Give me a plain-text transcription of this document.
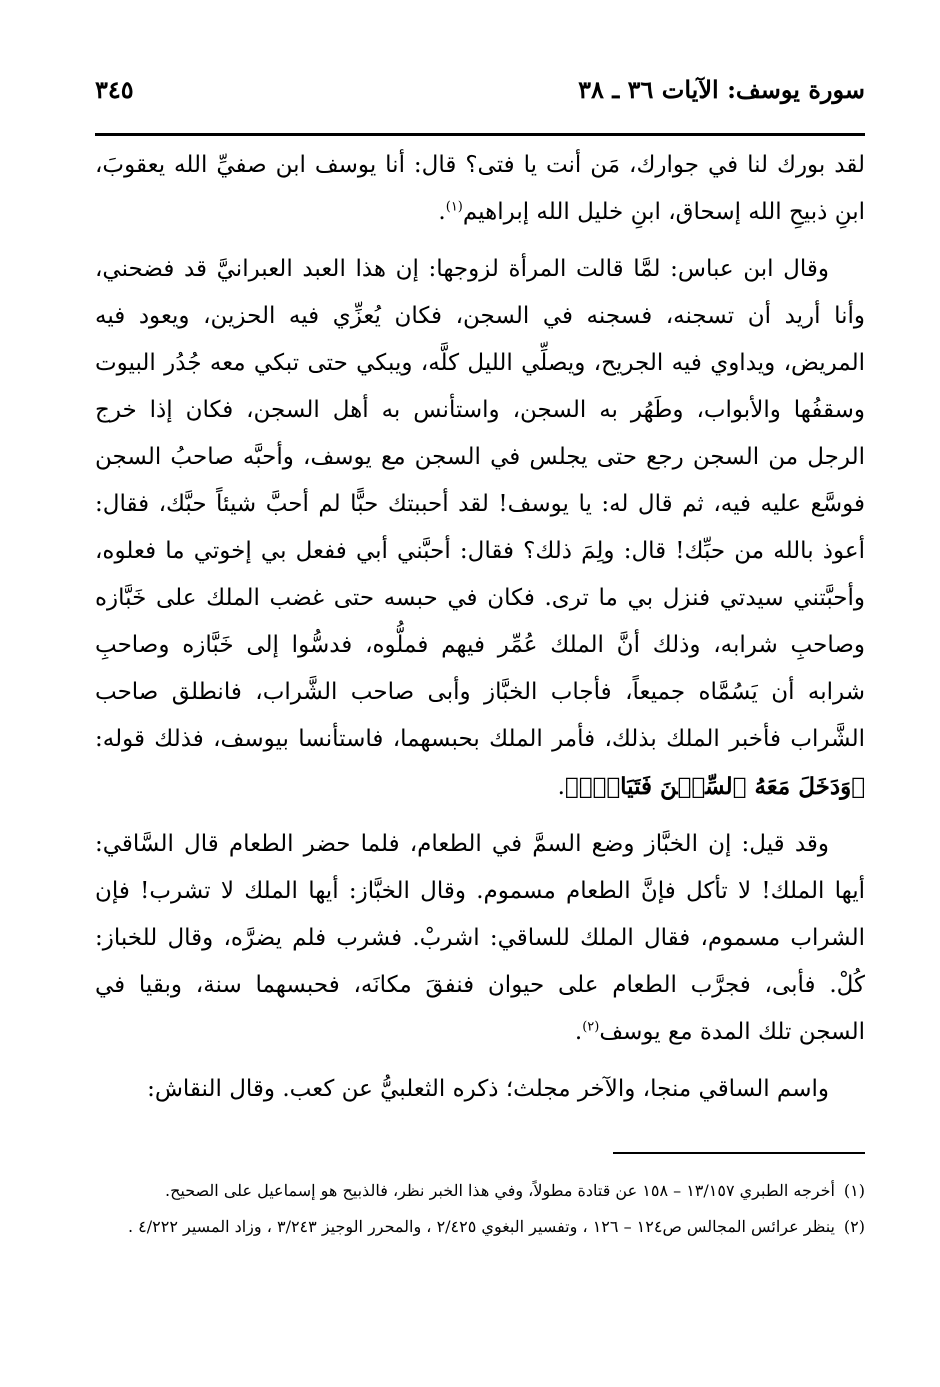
سورة يوسف: الآيات ٣٦ ـ ٣٨
٣٤٥

لقد بورك لنا في جوارك، مَن أنت يا فتى؟ قال: أنا يوسف ابن صفيِّ الله يعقوبَ، ابنِ ذبيحِ الله إسحاق، ابنِ خليل الله إبراهيم$^{(١)}$.

وقال ابن عباس: لمَّا قالت المرأة لزوجها: إن هذا العبد العبرانيَّ قد فضحني، وأنا أريد أن تسجنه، فسجنه في السجن، فكان يُعزِّي فيه الحزين، ويعود فيه المريض، ويداوي فيه الجريح، ويصلِّي الليل كلَّه، ويبكي حتى تبكي معه جُدُر البيوت وسقفُها والأبواب، وطَهُر به السجن، واستأنس به أهل السجن، فكان إذا خرج الرجل من السجن رجع حتى يجلس في السجن مع يوسف، وأحبَّه صاحبُ السجن فوسَّع عليه فيه، ثم قال له: يا يوسف! لقد أحببتك حبًّا لم أحبَّ شيئاً حبَّك، فقال: أعوذ بالله من حبِّك! قال: ولِمَ ذلك؟ فقال: أحبَّني أبي ففعل بي إخوتي ما فعلوه، وأحبَّتني سيدتي فنزل بي ما ترى. فكان في حبسه حتى غضب الملك على خَبَّازه وصاحبِ شرابه، وذلك أنَّ الملك عُمِّر فيهم فملُّوه، فدسُّوا إلى خَبَّازه وصاحبِ شرابه أن يَسُمَّاه جميعاً، فأجاب الخبَّاز وأبى صاحب الشَّراب، فانطلق صاحب الشَّراب فأخبر الملك بذلك، فأمر الملك بحبسهما، فاستأنسا بيوسف، فذلك قوله: ﴿وَدَخَلَ مَعَهُ ٱلسِّجۡنَ فَتَيَانِۖ﴾.

وقد قيل: إن الخبَّاز وضع السمَّ في الطعام، فلما حضر الطعام قال السَّاقي: أيها الملك! لا تأكل فإنَّ الطعام مسموم. وقال الخبَّاز: أيها الملك لا تشرب! فإن الشراب مسموم، فقال الملك للساقي: اشربْ. فشرب فلم يضرَّه، وقال للخباز: كُلْ. فأبى، فجرَّب الطعام على حيوان فنفقَ مكانَه، فحبسهما سنة، وبقيا في السجن تلك المدة مع يوسف$^{(٢)}$.

واسم الساقي منجا، والآخر مجلث؛ ذكره الثعلبيُّ عن كعب. وقال النقاش:

(١)
أخرجه الطبري ١٣/١٥٧ – ١٥٨ عن قتادة مطولاً، وفي هذا الخبر نظر، فالذبيح هو إسماعيل على الصحيح.

(٢)
ينظر عرائس المجالس ص١٢٤ – ١٢٦ ، وتفسير البغوي ٢/٤٢٥ ، والمحرر الوجيز ٣/٢٤٣ ، وزاد المسير ٤/٢٢٢ .
